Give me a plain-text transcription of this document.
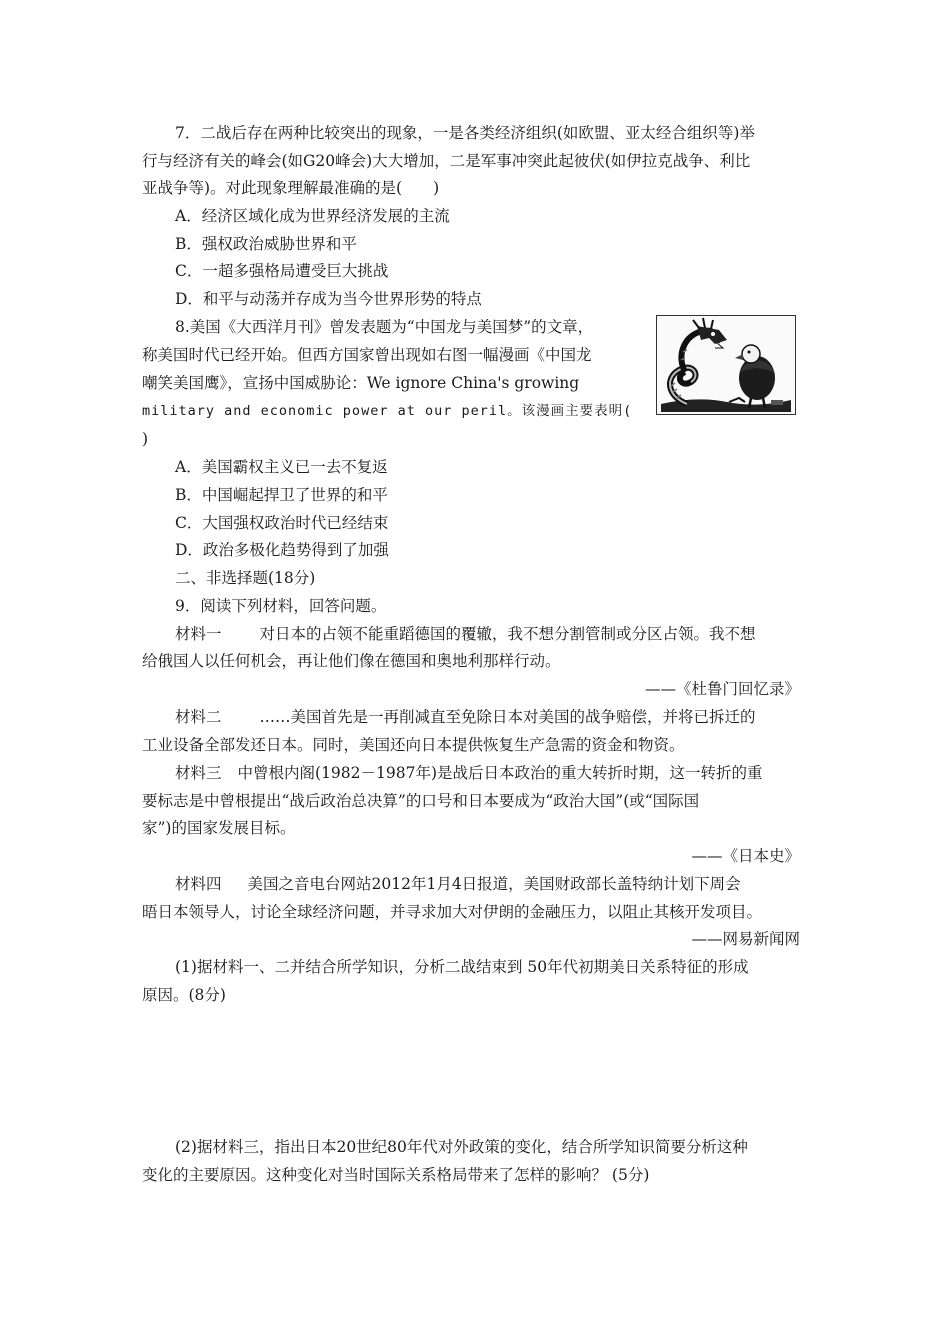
7．二战后存在两种比较突出的现象，一是各类经济组织(如欧盟、亚太经合组织等)举
行与经济有关的峰会(如G20峰会)大大增加，二是军事冲突此起彼伏(如伊拉克战争、利比
亚战争等)。对此现象理解最准确的是(　　)
A．经济区域化成为世界经济发展的主流
B．强权政治威胁世界和平
C．一超多强格局遭受巨大挑战
D．和平与动荡并存成为当今世界形势的特点
8.美国《大西洋月刊》曾发表题为“中国龙与美国梦”的文章，
称美国时代已经开始。但西方国家曾出现如右图一幅漫画《中国龙
嘲笑美国鹰》，宣扬中国威胁论：We ignore China's growing
military and economic power at our peril。该漫画主要表明(
)
A．美国霸权主义已一去不复返
B．中国崛起捍卫了世界的和平
C．大国强权政治时代已经结束
D．政治多极化趋势得到了加强
二、非选择题(18分)
9．阅读下列材料，回答问题。
材料一 对日本的占领不能重蹈德国的覆辙，我不想分割管制或分区占领。我不想
给俄国人以任何机会，再让他们像在德国和奥地利那样行动。
——《杜鲁门回忆录》
材料二 ……美国首先是一再削减直至免除日本对美国的战争赔偿，并将已拆迁的
工业设备全部发还日本。同时，美国还向日本提供恢复生产急需的资金和物资。
材料三 中曾根内阁(1982－1987年)是战后日本政治的重大转折时期，这一转折的重
要标志是中曾根提出“战后政治总决算”的口号和日本要成为“政治大国”(或“国际国
家”)的国家发展目标。
——《日本史》
材料四 美国之音电台网站2012年1月4日报道，美国财政部长盖特纳计划下周会
晤日本领导人，讨论全球经济问题，并寻求加大对伊朗的金融压力，以阻止其核开发项目。
——网易新闻网
(1)据材料一、二并结合所学知识，分析二战结束到 50年代初期美日关系特征的形成
原因。(8分)
(2)据材料三，指出日本20世纪80年代对外政策的变化，结合所学知识简要分析这种
变化的主要原因。这种变化对当时国际关系格局带来了怎样的影响？ (5分)
